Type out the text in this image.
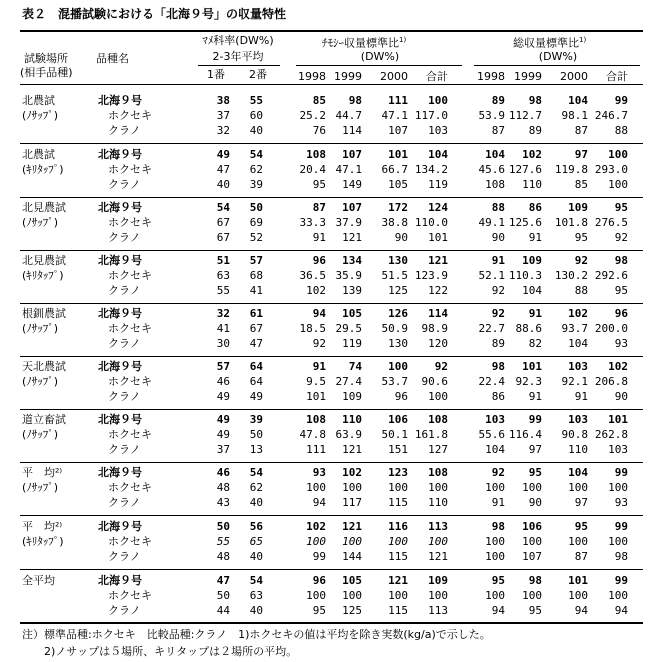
表２　混播試験における「北海９号」の収量特性
試験場所
(相手品種)
品種名
ﾏﾒ科率(DW%)
2-3年平均
1番	2番
ﾁﾓｼｰ収量標準比$^{1)}$
(DW%)
総収量標準比$^{1)}$
(DW%)
1998 1999	2000	合計	1998 1999	2000	合計
北農試
(ﾉｻｯﾌﾟ)
北海９号	38	55	85	98	111	100	89	98	104	99
ホクセキ	37	60	25.2 44.7	47.1 117.0	53.9 112.7	98.1 246.7
クラノ	32	40	76	114	107	103	87	89	87	88
北農試
(ｷﾘﾀｯﾌﾟ)
北海９号	49	54	108	107	101	104	104	102	97	100
ホクセキ	47	62	20.4 47.1	66.7 134.2	45.6 127.6	119.8 293.0
クラノ	40	39	95	149	105	119	108	110	85	100
北見農試
(ﾉｻｯﾌﾟ)
北海９号	54	50	87	107	172	124	88	86	109	95
ホクセキ	67	69	33.3 37.9	38.8 110.0	49.1 125.6	101.8 276.5
クラノ	67	52	91	121	90	101	90	91	95	92
北見農試
(ｷﾘﾀｯﾌﾟ)
北海９号	51	57	96	134	130	121	91	109	92	98
ホクセキ	63	68	36.5 35.9	51.5 123.9	52.1 110.3	130.2 292.6
クラノ	55	41	102	139	125	122	92	104	88	95
根釧農試
(ﾉｻｯﾌﾟ)
北海９号	32	61	94	105	126	114	92	91	102	96
ホクセキ	41	67	18.5 29.5	50.9	98.9	22.7 88.6	93.7 200.0
クラノ	30	47	92	119	130	120	89	82	104	93
天北農試
(ﾉｻｯﾌﾟ)
北海９号	57	64	91	74	100	92	98	101	103	102
ホクセキ	46	64	9.5 27.4	53.7	90.6	22.4 92.3	92.1 206.8
クラノ	49	49	101	109	96	100	86	91	91	90
道立畜試
(ﾉｻｯﾌﾟ)
北海９号	49	39	108	110	106	108	103	99	103	101
ホクセキ	49	50	47.8 63.9	50.1 161.8	55.6 116.4	90.8 262.8
クラノ	37	13	111	121	151	127	104	97	110	103
平　均²⁾
(ﾉｻｯﾌﾟ)
北海９号	46	54	93	102	123	108	92	95	104	99
ホクセキ	48	62	100	100	100	100	100	100	100	100
クラノ	43	40	94	117	115	110	91	90	97	93
平　均²⁾
(ｷﾘﾀｯﾌﾟ)
北海９号	50	56	102	121	116	113	98	106	95	99
ホクセキ	55	65	100	100	100	100	100	100	100	100
クラノ	48	40	99	144	115	121	100	107	87	98
全平均	北海９号	47	54	96	105	121	109	95	98	101	99
ホクセキ	50	63	100	100	100	100	100	100	100	100
クラノ	44	40	95	125	115	113	94	95	94	94
注）標準品種:ホクセキ　比較品種:クラノ　1)ホクセキの値は平均を除き実数(kg/a)で示した。
　　2)ノサップは５場所、キリタップは２場所の平均。
